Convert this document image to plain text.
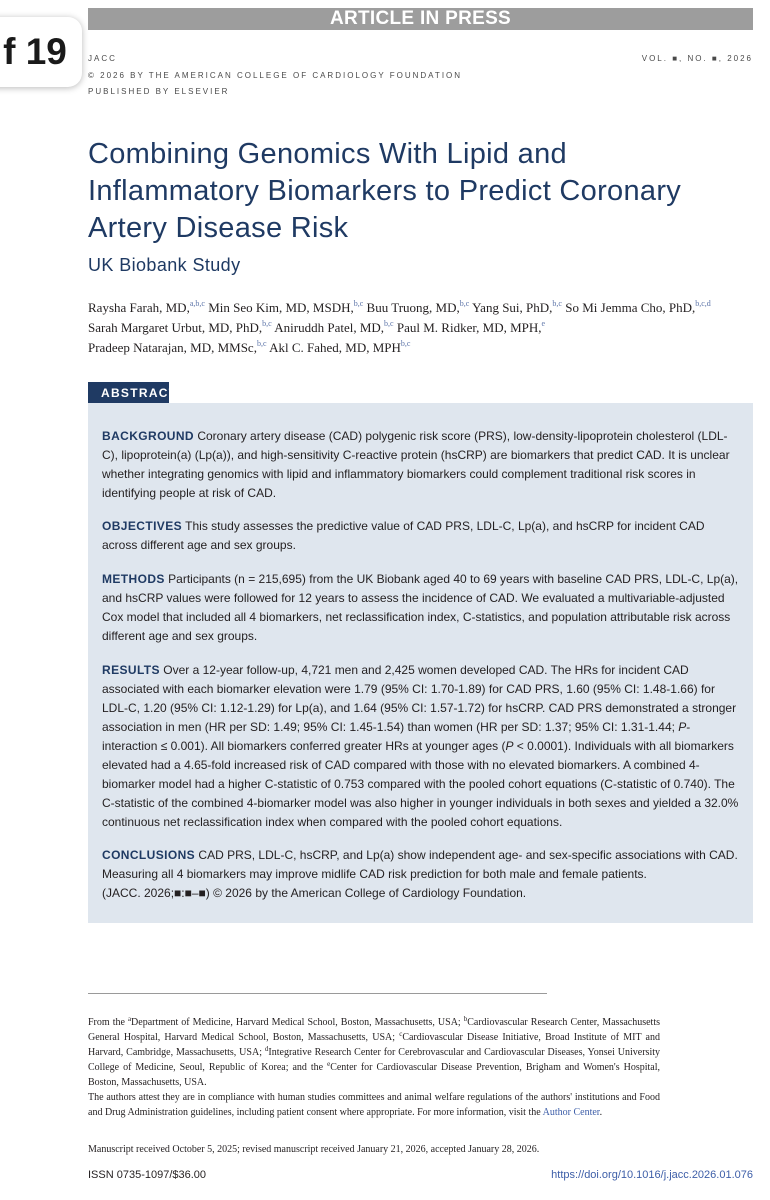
ARTICLE IN PRESS
f 19	JACC
© 2026 BY THE AMERICAN COLLEGE OF CARDIOLOGY FOUNDATION
PUBLISHED BY ELSEVIER
VOL. ■, NO. ■, 2026
Combining Genomics With Lipid and Inflammatory Biomarkers to Predict Coronary Artery Disease Risk
UK Biobank Study
Raysha Farah, MD,$^{a,b,c}$ Min Seo Kim, MD, MSDH,$^{b,c}$ Buu Truong, MD,$^{b,c}$ Yang Sui, PhD,$^{b,c}$ So Mi Jemma Cho, PhD,$^{b,c,d}$
Sarah Margaret Urbut, MD, PhD,$^{b,c}$ Aniruddh Patel, MD,$^{b,c}$ Paul M. Ridker, MD, MPH,$^e$
Pradeep Natarajan, MD, MMSc,$^{b,c}$ Akl C. Fahed, MD, MPH$^{b,c}$
ABSTRACT
BACKGROUND Coronary artery disease (CAD) polygenic risk score (PRS), low-density-lipoprotein cholesterol (LDL-C), lipoprotein(a) (Lp(a)), and high-sensitivity C-reactive protein (hsCRP) are biomarkers that predict CAD. It is unclear whether integrating genomics with lipid and inflammatory biomarkers could complement traditional risk scores in identifying people at risk of CAD.
OBJECTIVES This study assesses the predictive value of CAD PRS, LDL-C, Lp(a), and hsCRP for incident CAD across different age and sex groups.
METHODS Participants (n = 215,695) from the UK Biobank aged 40 to 69 years with baseline CAD PRS, LDL-C, Lp(a), and hsCRP values were followed for 12 years to assess the incidence of CAD. We evaluated a multivariable-adjusted Cox model that included all 4 biomarkers, net reclassification index, C-statistics, and population attributable risk across different age and sex groups.
RESULTS Over a 12-year follow-up, 4,721 men and 2,425 women developed CAD. The HRs for incident CAD associated with each biomarker elevation were 1.79 (95% CI: 1.70-1.89) for CAD PRS, 1.60 (95% CI: 1.48-1.66) for LDL-C, 1.20 (95% CI: 1.12-1.29) for Lp(a), and 1.64 (95% CI: 1.57-1.72) for hsCRP. CAD PRS demonstrated a stronger association in men (HR per SD: 1.49; 95% CI: 1.45-1.54) than women (HR per SD: 1.37; 95% CI: 1.31-1.44; P-interaction ≤ 0.001). All biomarkers conferred greater HRs at younger ages (P < 0.0001). Individuals with all biomarkers elevated had a 4.65-fold increased risk of CAD compared with those with no elevated biomarkers. A combined 4-biomarker model had a higher C-statistic of 0.753 compared with the pooled cohort equations (C-statistic of 0.740). The C-statistic of the combined 4-biomarker model was also higher in younger individuals in both sexes and yielded a 32.0% continuous net reclassification index when compared with the pooled cohort equations.
CONCLUSIONS CAD PRS, LDL-C, hsCRP, and Lp(a) show independent age- and sex-specific associations with CAD. Measuring all 4 biomarkers may improve midlife CAD risk prediction for both male and female patients.
(JACC. 2026;■:■–■) © 2026 by the American College of Cardiology Foundation.
From the $^a$Department of Medicine, Harvard Medical School, Boston, Massachusetts, USA; $^b$Cardiovascular Research Center, Massachusetts General Hospital, Harvard Medical School, Boston, Massachusetts, USA; $^c$Cardiovascular Disease Initiative, Broad Institute of MIT and Harvard, Cambridge, Massachusetts, USA; $^d$Integrative Research Center for Cerebrovascular and Cardiovascular Diseases, Yonsei University College of Medicine, Seoul, Republic of Korea; and the $^e$Center for Cardiovascular Disease Prevention, Brigham and Women's Hospital, Boston, Massachusetts, USA.
The authors attest they are in compliance with human studies committees and animal welfare regulations of the authors' institutions and Food and Drug Administration guidelines, including patient consent where appropriate. For more information, visit the Author Center.
Manuscript received October 5, 2025; revised manuscript received January 21, 2026, accepted January 28, 2026.
ISSN 0735-1097/$36.00	https://doi.org/10.1016/j.jacc.2026.01.076
